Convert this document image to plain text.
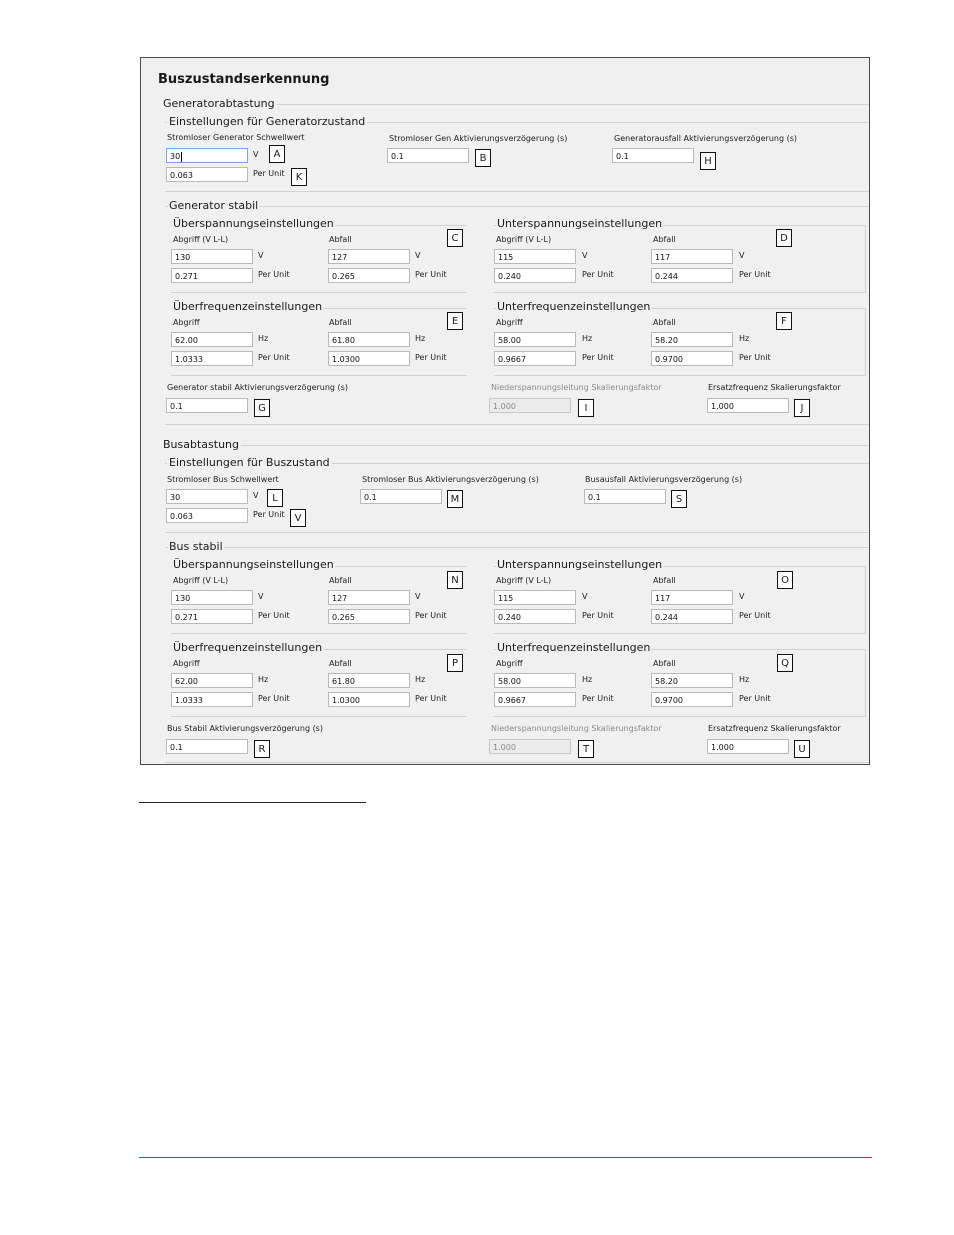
Buszustandserkennung
Generatorabtastung
Einstellungen für Generatorzustand
Stromloser Generator Schwellwert
30	V	A
0.063	Per Unit	K
Stromloser Gen Aktivierungsverzögerung (s)
0.1	B
Generatorausfall Aktivierungsverzögerung (s)
0.1	H
Generator stabil
Überspannungseinstellungen
Abgriff (V L-L)	Abfall	C
130	V	127	V
0.271	Per Unit	0.265	Per Unit
Unterspannungseinstellungen
Abgriff (V L-L)	Abfall	D
115	V	117	V
0.240	Per Unit	0.244	Per Unit
Überfrequenzeinstellungen
Abgriff	Abfall	E
62.00	Hz	61.80	Hz
1.0333	Per Unit	1.0300	Per Unit
Unterfrequenzeinstellungen
Abgriff	Abfall	F
58.00	Hz	58.20	Hz
0.9667	Per Unit	0.9700	Per Unit
Generator stabil Aktivierungsverzögerung (s)
0.1	G
Niederspannungsleitung Skalierungsfaktor
1.000	I
Ersatzfrequenz Skalierungsfaktor
1.000	J
Busabtastung
Einstellungen für Buszustand
Stromloser Bus Schwellwert
30	V	L
0.063	Per Unit	V
Stromloser Bus Aktivierungsverzögerung (s)
0.1	M
Busausfall Aktivierungsverzögerung (s)
0.1	S
Bus stabil
Überspannungseinstellungen
Abgriff (V L-L)	Abfall	N
130	V	127	V
0.271	Per Unit	0.265	Per Unit
Unterspannungseinstellungen
Abgriff (V L-L)	Abfall	O
115	V	117	V
0.240	Per Unit	0.244	Per Unit
Überfrequenzeinstellungen
Abgriff	Abfall	P
62.00	Hz	61.80	Hz
1.0333	Per Unit	1.0300	Per Unit
Unterfrequenzeinstellungen
Abgriff	Abfall	Q
58.00	Hz	58.20	Hz
0.9667	Per Unit	0.9700	Per Unit
Bus Stabil Aktivierungsverzögerung (s)
0.1	R
Niederspannungsleitung Skalierungsfaktor
1.000	T
Ersatzfrequenz Skalierungsfaktor
1.000	U
